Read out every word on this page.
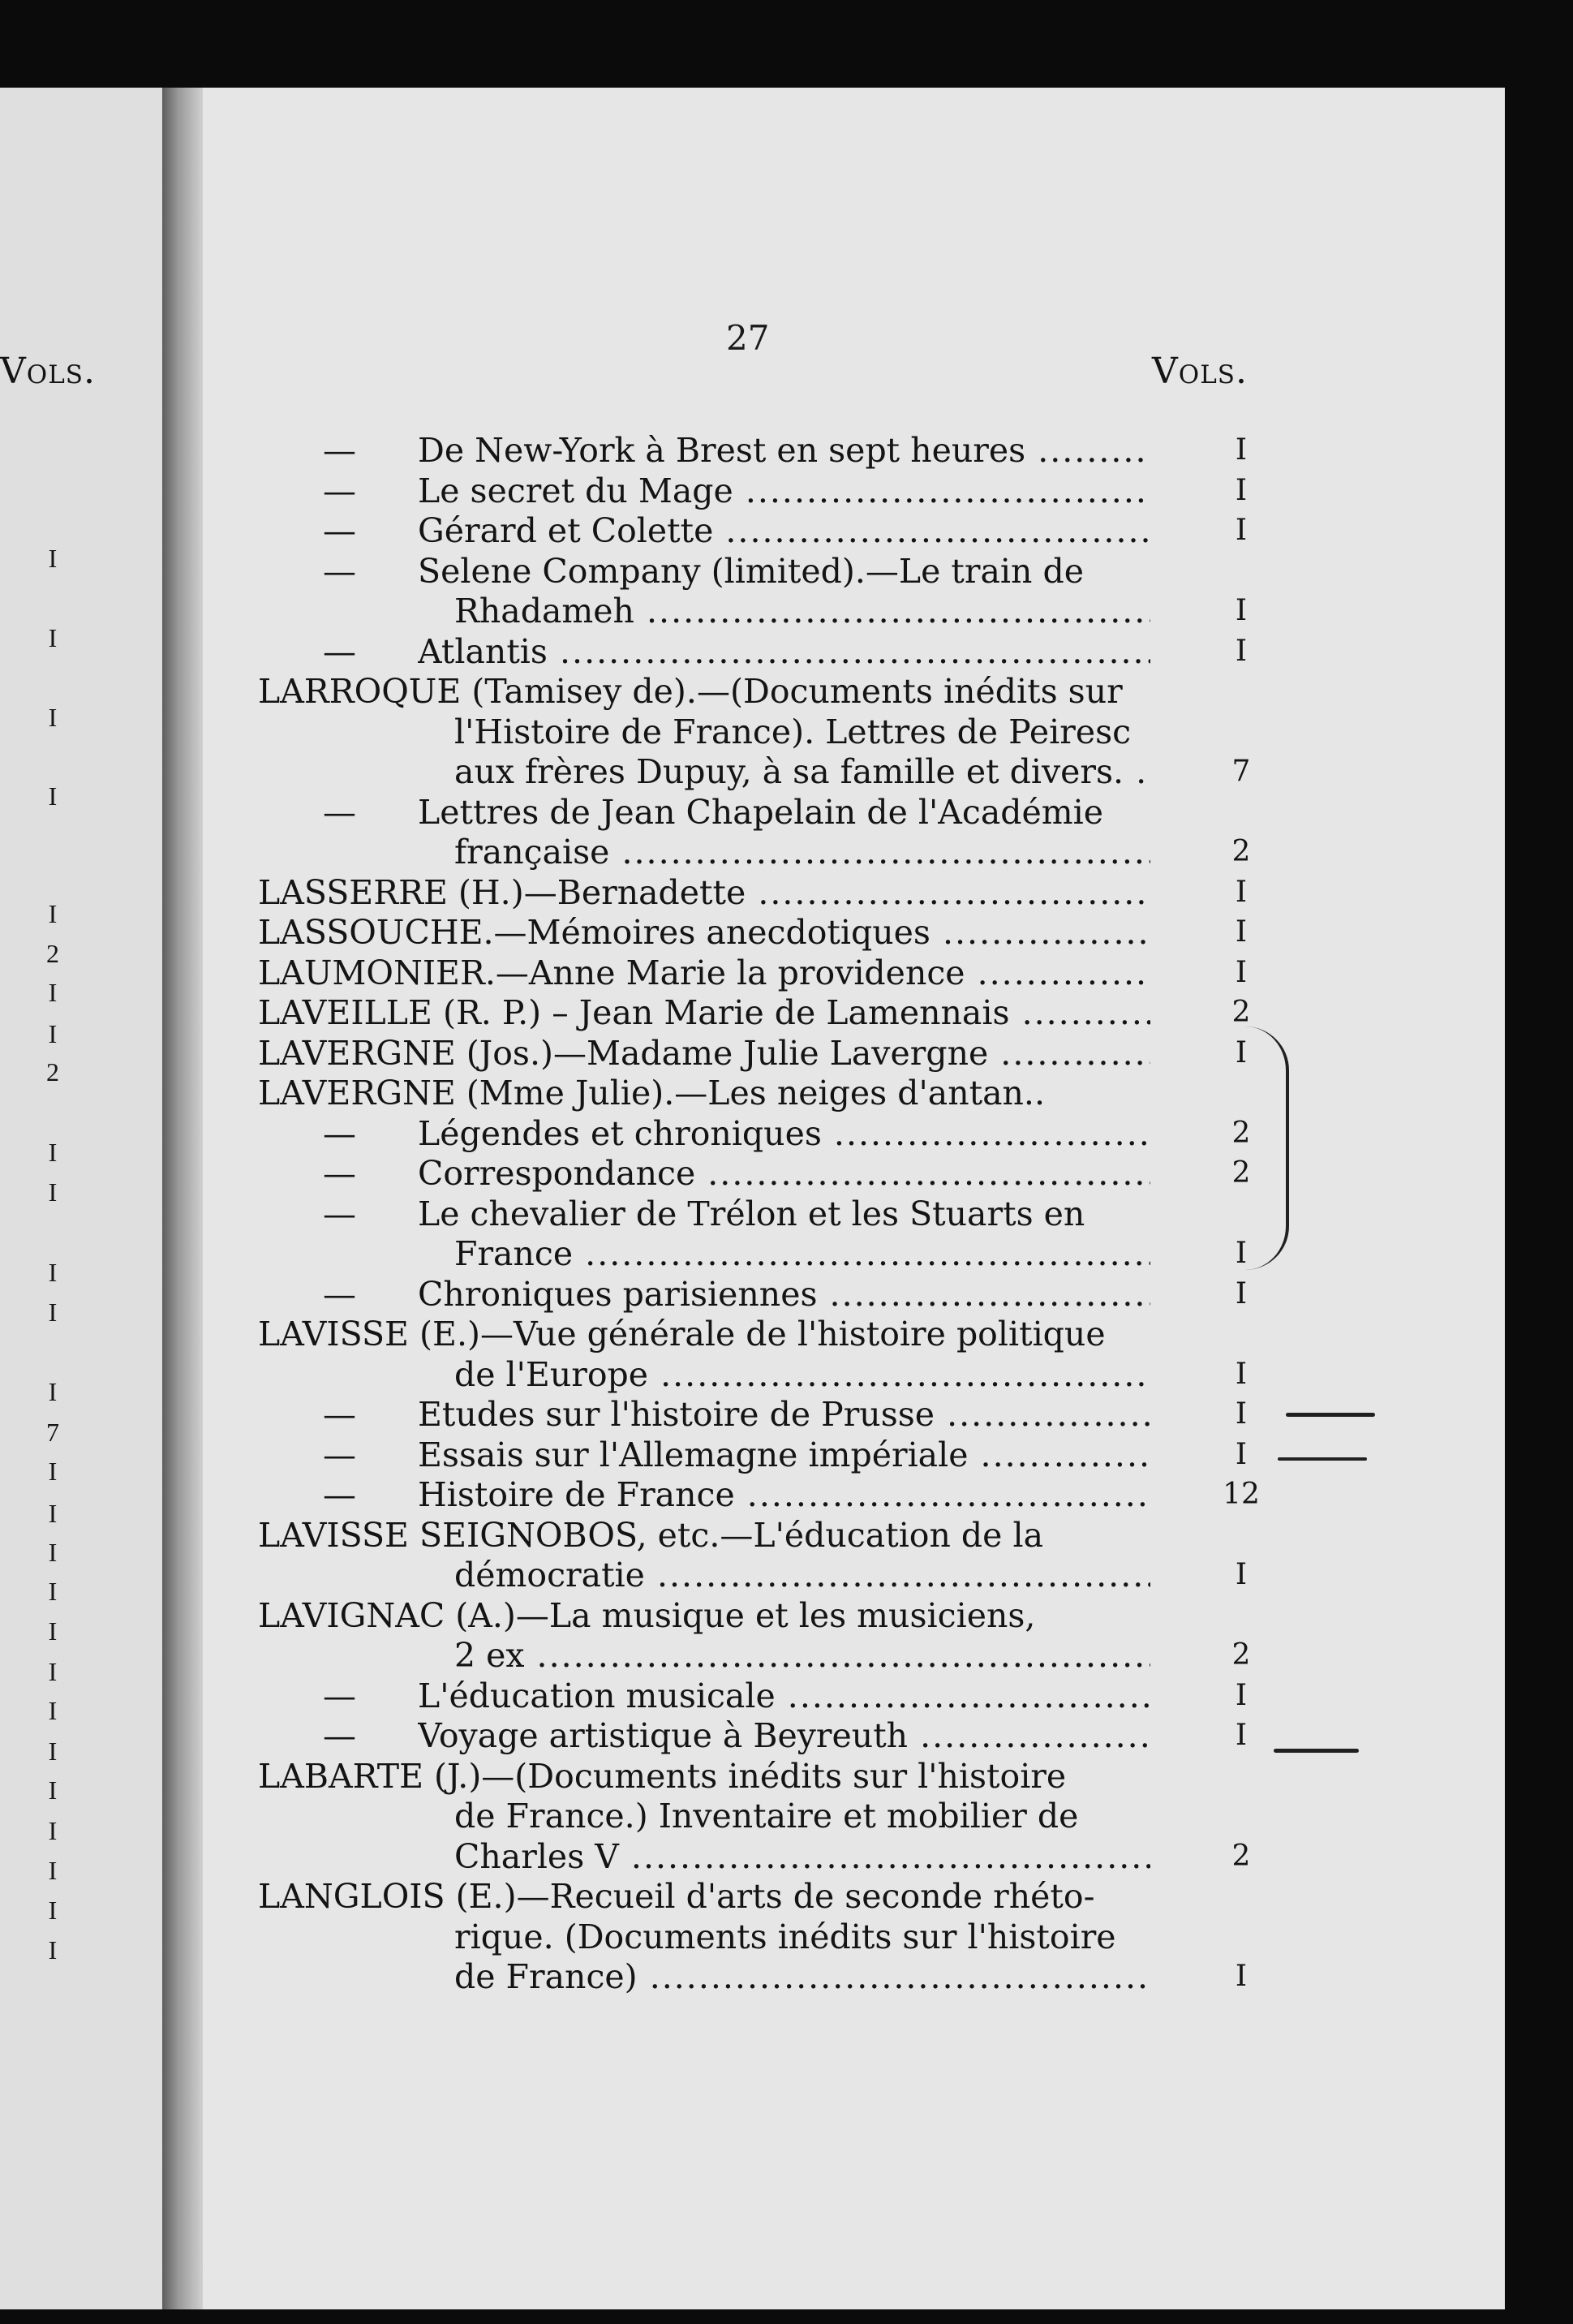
Vols.
I
I
I
I
I
2
I
I
2
I
I
I
I
I
7
I
I
I
I
I
I
I
I
I
I
I
I
I
27
Vols.
— De New-York à Brest en sept heures .....	I
— Le secret du Mage .....	I
— Gérard et Colette .....	I
— Selene Company (limited).—Le train de
Rhadameh .....	I
— Atlantis .....	I
LARROQUE (Tamisey de).—(Documents inédits sur
l'Histoire de France). Lettres de Peiresc
aux frères Dupuy, à sa famille et divers. .....	7
— Lettres de Jean Chapelain de l'Académie
française .....	2
LASSERRE (H.)—Bernadette .....	I
LASSOUCHE.—Mémoires anecdotiques .....	I
LAUMONIER.—Anne Marie la providence .....	I
LAVEILLE (R. P.) – Jean Marie de Lamennais .....	2
LAVERGNE (Jos.)—Madame Julie Lavergne .....	I
LAVERGNE (Mme Julie).—Les neiges d'antan..
— Légendes et chroniques .....	2
— Correspondance .....	2
— Le chevalier de Trélon et les Stuarts en
France .....	I
— Chroniques parisiennes .....	I
LAVISSE (E.)—Vue générale de l'histoire politique
de l'Europe .....	I
— Etudes sur l'histoire de Prusse .....	I
— Essais sur l'Allemagne impériale .....	I
— Histoire de France .....	12
LAVISSE SEIGNOBOS, etc.—L'éducation de la
démocratie .....	I
LAVIGNAC (A.)—La musique et les musiciens,
2 ex .....	2
— L'éducation musicale .....	I
— Voyage artistique à Beyreuth .....	I
LABARTE (J.)—(Documents inédits sur l'histoire
de France.) Inventaire et mobilier de
Charles V .....	2
LANGLOIS (E.)—Recueil d'arts de seconde rhéto-
rique. (Documents inédits sur l'histoire
de France) .....	I
